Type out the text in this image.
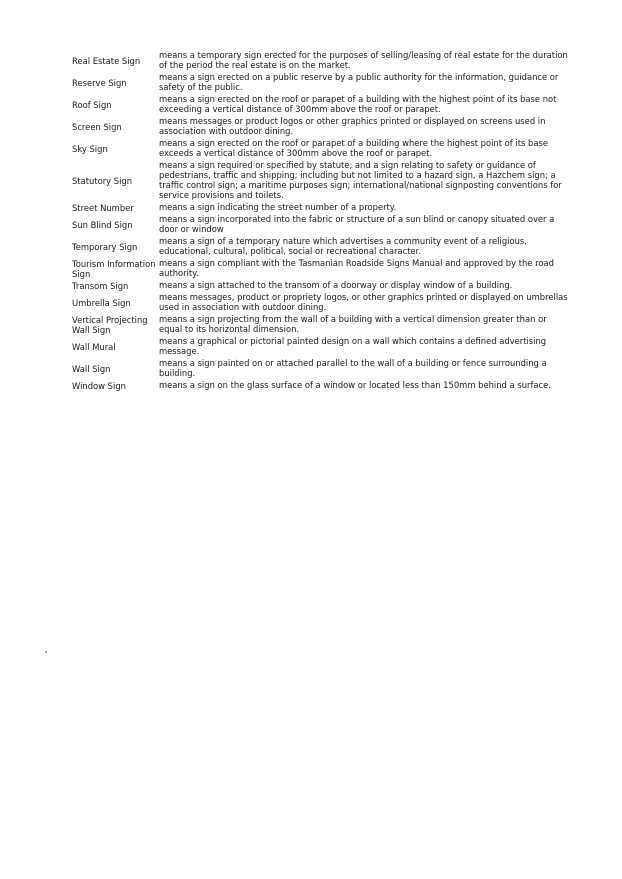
Real Estate Sign	means a temporary sign erected for the purposes of selling/leasing of real estate for the duration of the period the real estate is on the market.
Reserve Sign	means a sign erected on a public reserve by a public authority for the information, guidance or safety of the public.
Roof Sign	means a sign erected on the roof or parapet of a building with the highest point of its base not exceeding a vertical distance of 300mm above the roof or parapet.
Screen Sign	means messages or product logos or other graphics printed or displayed on screens used in association with outdoor dining.
Sky Sign	means a sign erected on the roof or parapet of a building where the highest point of its base exceeds a vertical distance of 300mm above the roof or parapet.
Statutory Sign	means a sign required or specified by statute; and a sign relating to safety or guidance of pedestrians, traffic and shipping; including but not limited to a hazard sign, a Hazchem sign; a traffic control sign; a maritime purposes sign; international/national signposting conventions for service provisions and toilets.
Street Number	means a sign indicating the street number of a property.
Sun Blind Sign	means a sign incorporated into the fabric or structure of a sun blind or canopy situated over a door or window
Temporary Sign	means a sign of a temporary nature which advertises a community event of a religious, educational, cultural, political, social or recreational character.
Tourism Information Sign	means a sign compliant with the Tasmanian Roadside Signs Manual and approved by the road authority.
Transom Sign	means a sign attached to the transom of a doorway or display window of a building.
Umbrella Sign	means messages, product or propriety logos, or other graphics printed or displayed on umbrellas used in association with outdoor dining.
Vertical Projecting Wall Sign	means a sign projecting from the wall of a building with a vertical dimension greater than or equal to its horizontal dimension.
Wall Mural	means a graphical or pictorial painted design on a wall which contains a defined advertising message.
Wall Sign	means a sign painted on or attached parallel to the wall of a building or fence surrounding a building.
Window Sign	means a sign on the glass surface of a window or located less than 150mm behind a surface.
